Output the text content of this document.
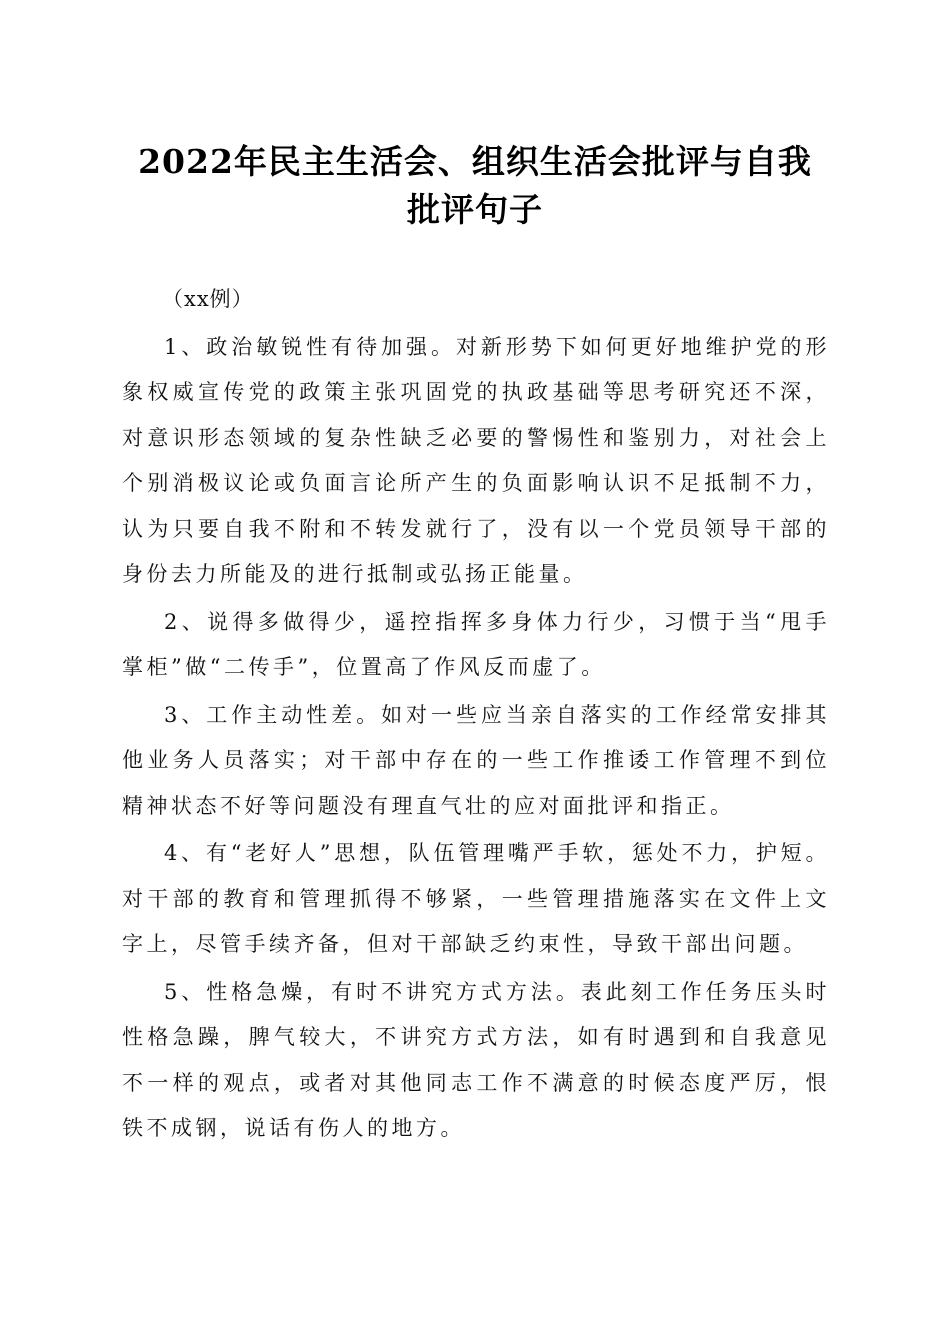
2022年民主生活会、组织生活会批评与自我
批评句子

（xx例）

1、政治敏锐性有待加强。对新形势下如何更好地维护党的形象权威宣传党的政策主张巩固党的执政基础等思考研究还不深，对意识形态领域的复杂性缺乏必要的警惕性和鉴别力，对社会上个别消极议论或负面言论所产生的负面影响认识不足抵制不力，认为只要自我不附和不转发就行了，没有以一个党员领导干部的身份去力所能及的进行抵制或弘扬正能量。

2、说得多做得少，遥控指挥多身体力行少，习惯于当“甩手掌柜”做“二传手”，位置高了作风反而虚了。

3、工作主动性差。如对一些应当亲自落实的工作经常安排其他业务人员落实；对干部中存在的一些工作推诿工作管理不到位精神状态不好等问题没有理直气壮的应对面批评和指正。

4、有“老好人”思想，队伍管理嘴严手软，惩处不力，护短。对干部的教育和管理抓得不够紧，一些管理措施落实在文件上文字上，尽管手续齐备，但对干部缺乏约束性，导致干部出问题。

5、性格急燥，有时不讲究方式方法。表此刻工作任务压头时性格急躁，脾气较大，不讲究方式方法，如有时遇到和自我意见不一样的观点，或者对其他同志工作不满意的时候态度严厉，恨铁不成钢，说话有伤人的地方。
